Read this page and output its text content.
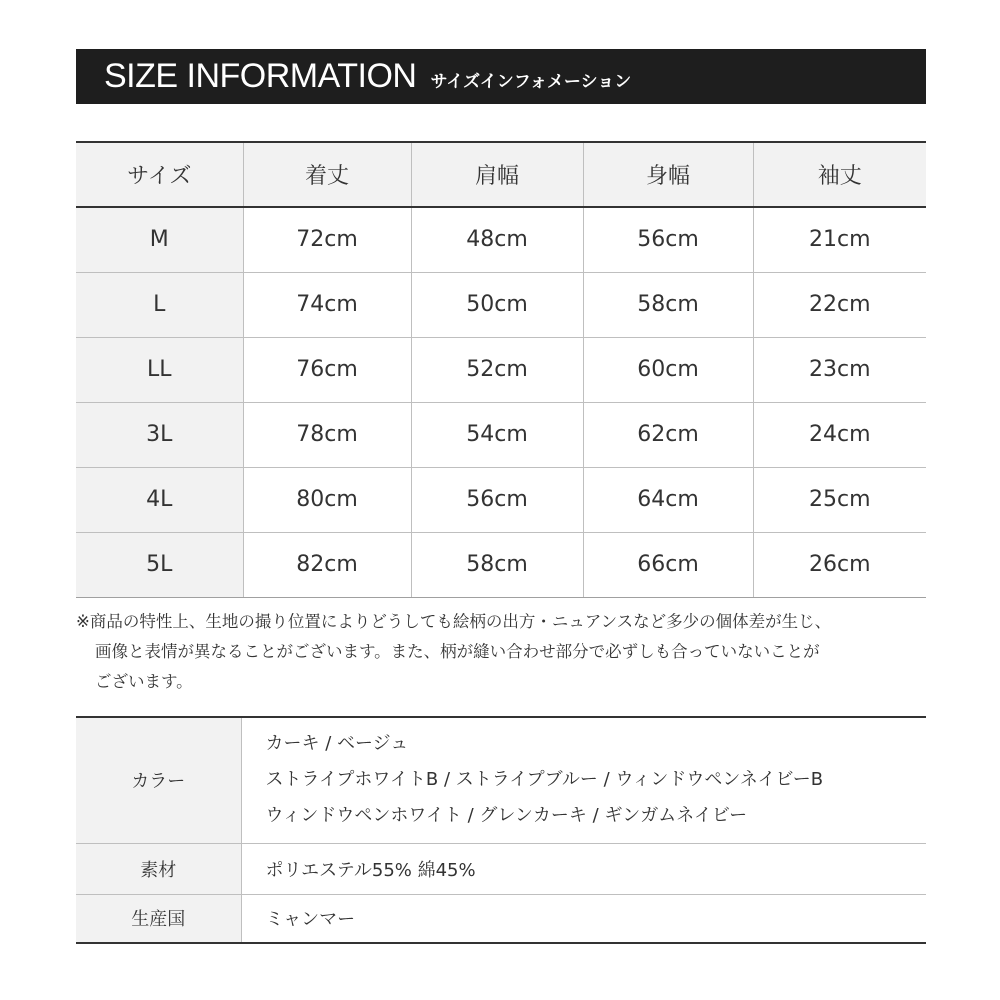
SIZE INFORMATION サイズインフォメーション
サイズ	着丈	肩幅	身幅	袖丈
M	72cm	48cm	56cm	21cm
L	74cm	50cm	58cm	22cm
LL	76cm	52cm	60cm	23cm
3L	78cm	54cm	62cm	24cm
4L	80cm	56cm	64cm	25cm
5L	82cm	58cm	66cm	26cm
※商品の特性上、生地の撮り位置によりどうしても絵柄の出方・ニュアンスなど多少の個体差が生じ、
画像と表情が異なることがございます。また、柄が縫い合わせ部分で必ずしも合っていないことが
ございます。
カラー	カーキ / ベージュ
ストライプホワイトB / ストライプブルー / ウィンドウペンネイビーB
ウィンドウペンホワイト / グレンカーキ / ギンガムネイビー

素材	ポリエステル55% 綿45%
生産国	ミャンマー
